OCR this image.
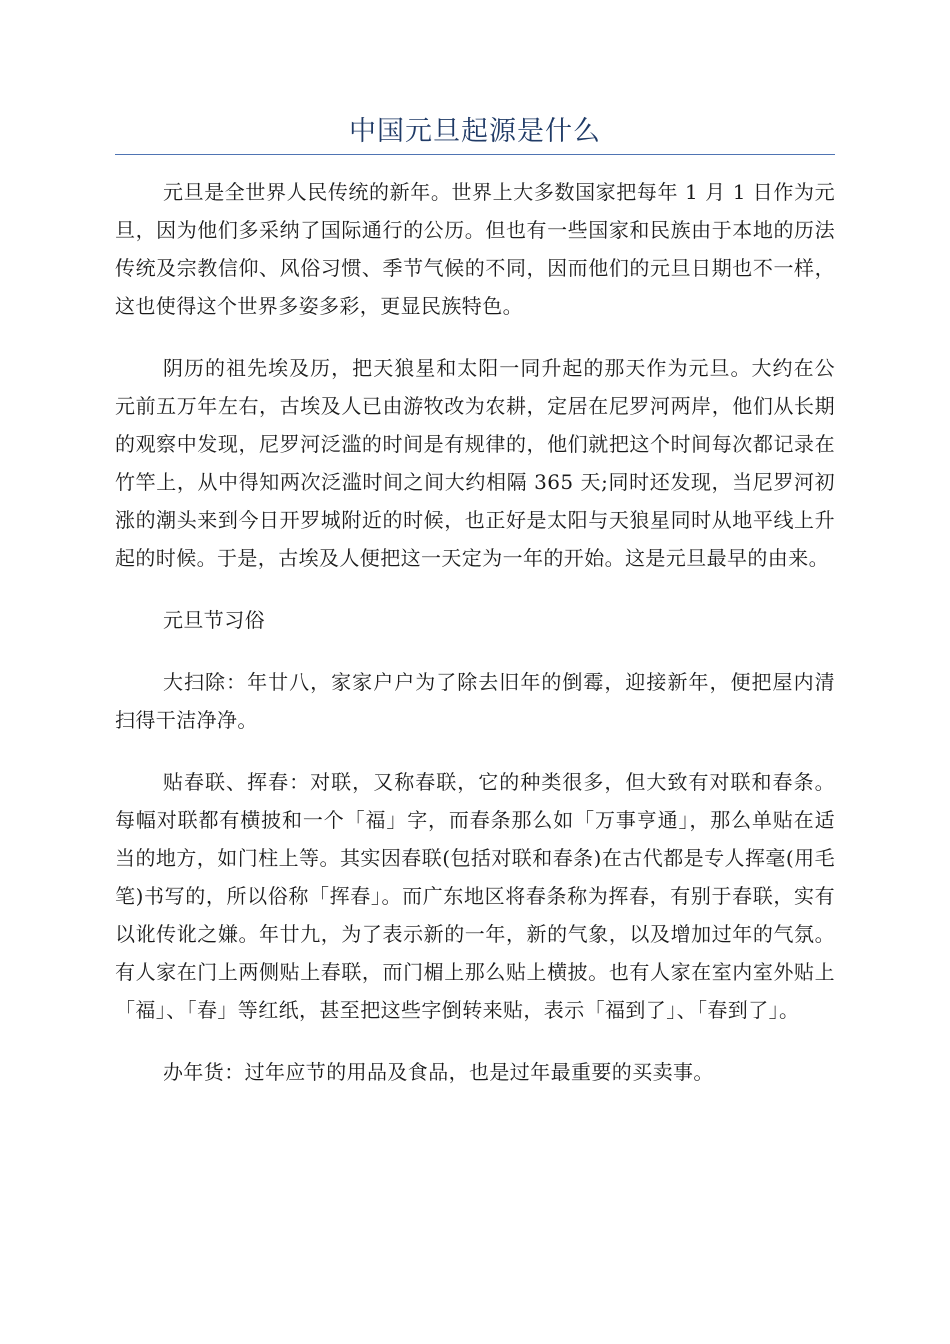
中国元旦起源是什么

元旦是全世界人民传统的新年。世界上大多数国家把每年 1 月 1 日作为元旦，因为他们多采纳了国际通行的公历。但也有一些国家和民族由于本地的历法传统及宗教信仰、风俗习惯、季节气候的不同，因而他们的元旦日期也不一样，这也使得这个世界多姿多彩，更显民族特色。

阴历的祖先埃及历，把天狼星和太阳一同升起的那天作为元旦。大约在公元前五万年左右，古埃及人已由游牧改为农耕，定居在尼罗河两岸，他们从长期的观察中发现，尼罗河泛滥的时间是有规律的，他们就把这个时间每次都记录在竹竿上，从中得知两次泛滥时间之间大约相隔 365 天;同时还发现，当尼罗河初涨的潮头来到今日开罗城附近的时候，也正好是太阳与天狼星同时从地平线上升起的时候。于是，古埃及人便把这一天定为一年的开始。这是元旦最早的由来。

元旦节习俗

大扫除：年廿八，家家户户为了除去旧年的倒霉，迎接新年，便把屋内清扫得干洁净净。

贴春联、挥春：对联，又称春联，它的种类很多，但大致有对联和春条。每幅对联都有横披和一个「福」字，而春条那么如「万事亨通」，那么单贴在适当的地方，如门柱上等。其实因春联(包括对联和春条)在古代都是专人挥毫(用毛笔)书写的，所以俗称「挥春」。而广东地区将春条称为挥春，有别于春联，实有以讹传讹之嫌。年廿九，为了表示新的一年，新的气象，以及增加过年的气氛。有人家在门上两侧贴上春联，而门楣上那么贴上横披。也有人家在室内室外贴上「福」、「春」等红纸，甚至把这些字倒转来贴，表示「福到了」、「春到了」。

办年货：过年应节的用品及食品，也是过年最重要的买卖事。
